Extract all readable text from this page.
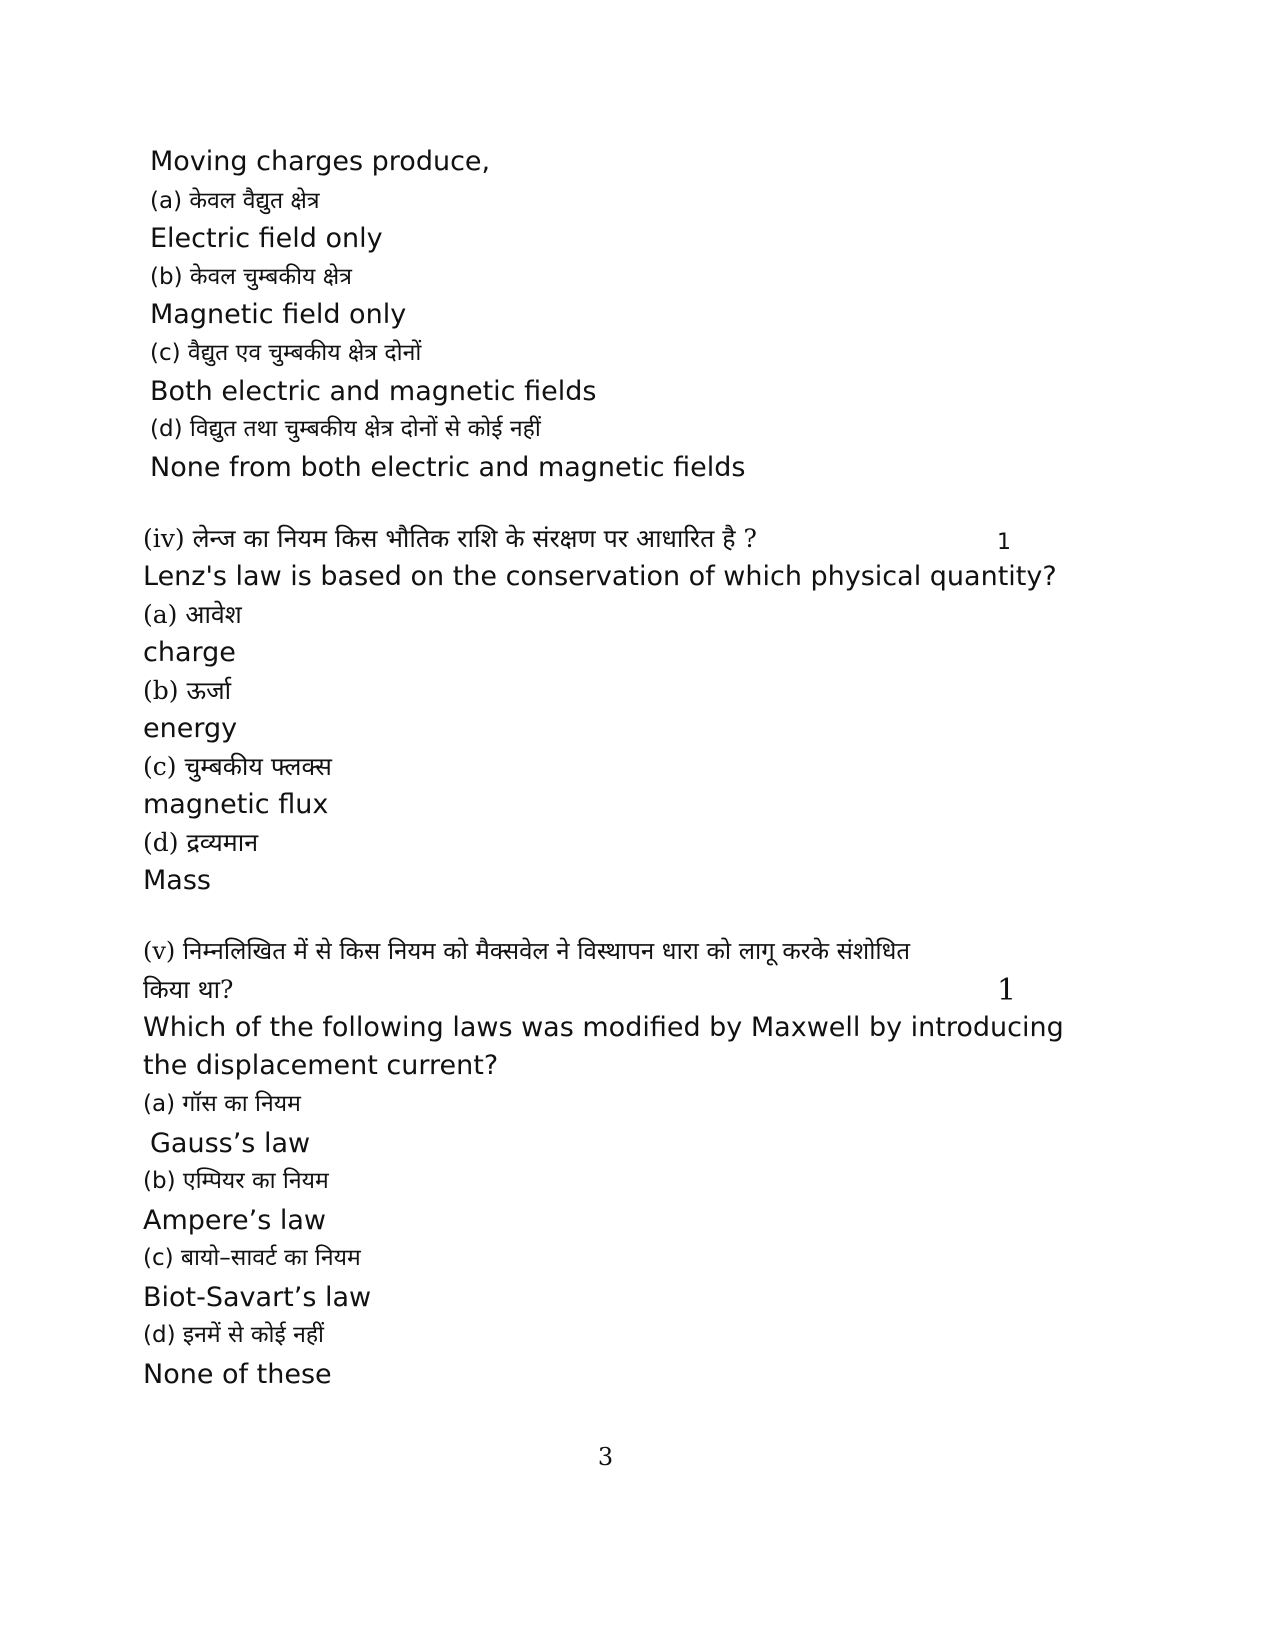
Moving charges produce,
(a) केवल वैद्युत क्षेत्र
Electric field only
(b) केवल चुम्बकीय क्षेत्र
Magnetic field only
(c) वैद्युत एव चुम्बकीय क्षेत्र दोनों
Both electric and magnetic fields
(d) विद्युत तथा चुम्बकीय क्षेत्र दोनों से कोई नहीं
None from both electric and magnetic fields
(iv) लेन्ज का नियम किस भौतिक राशि के संरक्षण पर आधारित है ?	1
Lenz's law is based on the conservation of which physical quantity?
(a) आवेश
charge
(b) ऊर्जा
energy
(c) चुम्बकीय फ्लक्स
magnetic flux
(d) द्रव्यमान
Mass
(v) निम्नलिखित में से किस नियम को मैक्सवेल ने विस्थापन धारा को लागू करके संशोधित
किया था?	1
Which of the following laws was modified by Maxwell by introducing
the displacement current?
(a) गॉस का नियम
Gauss’s law
(b) एम्पियर का नियम
Ampere’s law
(c) बायो–सावर्ट का नियम
Biot-Savart’s law
(d) इनमें से कोई नहीं
None of these
3
